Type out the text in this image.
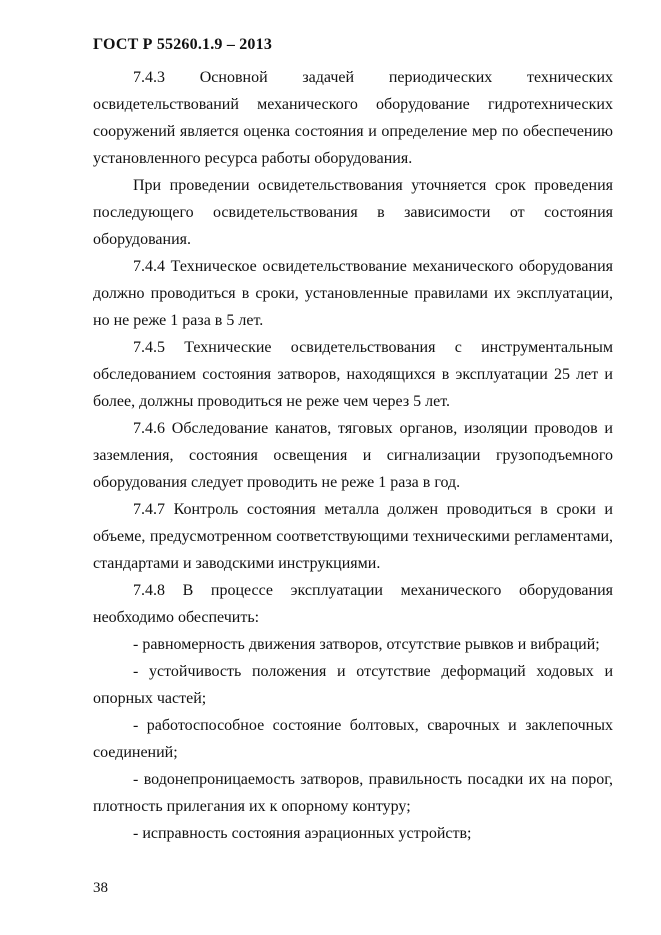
ГОСТ Р 55260.1.9 – 2013

7.4.3 Основной задачей периодических технических освидетельствований механического оборудование гидротехнических сооружений является оценка состояния и определение мер по обеспечению установленного ресурса работы оборудования.

При проведении освидетельствования уточняется срок проведения последующего освидетельствования в зависимости от состояния оборудования.

7.4.4 Техническое освидетельствование механического оборудования должно проводиться в сроки, установленные правилами их эксплуатации, но не реже 1 раза в 5 лет.

7.4.5 Технические освидетельствования с инструментальным обследованием состояния затворов, находящихся в эксплуатации 25 лет и более, должны проводиться не реже чем через 5 лет.

7.4.6 Обследование канатов, тяговых органов, изоляции проводов и заземления, состояния освещения и сигнализации грузоподъемного оборудования следует проводить не реже 1 раза в год.

7.4.7 Контроль состояния металла должен проводиться в сроки и объеме, предусмотренном соответствующими техническими регламентами, стандартами и заводскими инструкциями.

7.4.8 В процессе эксплуатации механического оборудования необходимо обеспечить:

- равномерность движения затворов, отсутствие рывков и вибраций;

- устойчивость положения и отсутствие деформаций ходовых и опорных частей;

- работоспособное состояние болтовых, сварочных и заклепочных соединений;

- водонепроницаемость затворов, правильность посадки их на порог, плотность прилегания их к опорному контуру;

- исправность состояния аэрационных устройств;

38
